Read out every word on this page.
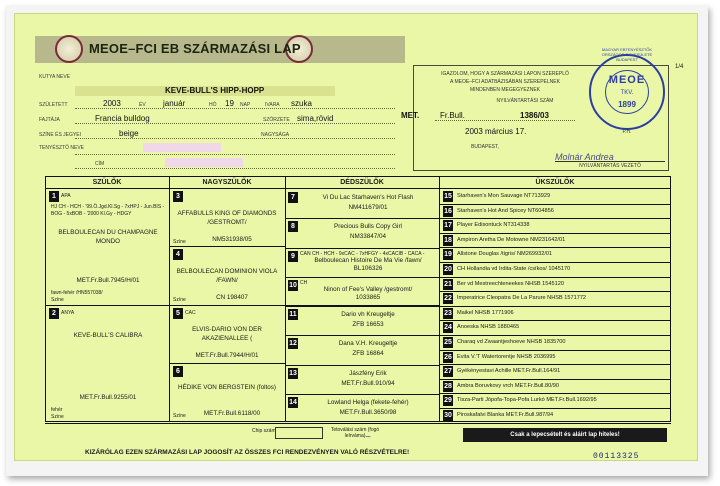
MEOE–FCI EB SZÁRMAZÁSI LAP
1/4
KUTYA NEVE
KEVE-BULL'S HIPP-HOPP
SZÜLETETT	2003	ÉV január	HÓ 19 NAP	IVARA szuka
FAJTÁJA	Francia bulldog	SZŐRZETE sima,rövid
SZÍNE ÉS JEGYEI	beige	NAGYSÁGA
TENYÉSZTŐ NEVE
CÍM
IGAZOLOM, HOGY A SZÁRMAZÁSI LAPON SZEREPLŐ
A MEOE–FCI ADATBÁZISÁBAN SZEREPELNEK
MINDENBEN MEGEGYEZNEK
NYILVÁNTARTÁSI SZÁM
MET.	Fr.Bull.	1386/03
2003 március 17.
BUDAPEST,
P.H.
MAGYAR EBTENYÉSZTŐK ORSZÁGOS EGYESÜLETE BUDAPEST
MEOE
TKV.
1899
Molnár Andrea
NYILVÁNTARTÁS VEZETŐ
SZÜLŐK	NAGYSZÜLŐK	DÉDSZÜLŐK	ÜKSZÜLŐK
1	APA
HJ CH - HCH - '99.Ö.Jgd.Kl.Sg - 7xHPJ - Jun.BIS - BOG - 5xBOB - '2000 Kl.Gy - HDGY
BELBOULECAN DU CHAMPAGNE MONDO
MET.Fr.Bull.7945/H/01
fawn-fehér /HN557038/
Színe
2	ANYA
KEVE-BULL'S CALIBRA
MET.Fr.Bull.9255/01
fehér
Színe
3
AFFABULLS KING OF DIAMONDS /GESTROMT/
Színe	NM531938/05
4
BELBOULECAN DOMINION VIOLA /FAWN/
Színe	CN 198407
5	CAC
ELVIS-DARIO VON DER AKAZIENALLEE (
MET.Fr.Bull.7944/H/01
6
HÉDIKE VON BERGSTEIN (foltos)
Színe	MET.Fr.Bull.6118/00
7	Vi Du Lac Starhaven's Hot Flash
NM411679/01
8	Precious Bulls Copy Girl
NM33847/04
9	CAN CH - HCH - 9xCAC - 7xHFGY - 4xCACIB - CACA -
Belboulecan Histoire De Ma Vie /fawn/
BL106326
10 CH
Ninon of Fee's Valley /gestromt/
1033865
11	Dario vh Kreugeltje
ZFB 16653
12	Dana V.H. Kreugeltje
ZFB 16864
13	Jászfény Erik
MET.Fr.Bull.910/94
14	Lowland Helga (fekete-fehér)
MET.Fr.Bull.3650/98
15 Starhaven's Mon Sauvage NT713929
16 Starhaven's Hot And Spicey NT604856
17 Player Edisontuck NT314338
18 Ampiron Aretha De Motowne NM231642/01
19 Allstone Douglas /tigris/ NM269932/01
20 CH Hollandia vd Irdita-State /csíkos/ 1045170
21 Ber vd Mestreechteneekes NHSB 1545120
22 Imperatrice Cleopatra De La Parure NHSB 1571772
23 Maikel NHSB 1771906
24 Anoeska NHSB 1880465
25 Charaq vd Zwaantjeshoeve NHSB 1835700
26 Evita V.'T Watertorentje NHSB 2036995
27 Gyékényestavi Achille MET.Fr.Bull.164/91
28 Ambra Boruvkovy vrch MET.Fr.Bull.80/90
29 Tisza-Parti Jópofa-Topa-Pofa Lurkó MET.Fr.Bull.1692/95
30 Piroskafalvi Blanka MET.Fr.Bull.987/94
Chip szám	Tetoválási szám (fogó leírváma) ~	Csak a lepecsételt és aláírt lap hiteles!
KIZÁRÓLAG EZEN SZÁRMAZÁSI LAP JOGOSÍT AZ ÖSSZES FCI RENDEZVÉNYEN VALÓ RÉSZVÉTELRE!	00113325
